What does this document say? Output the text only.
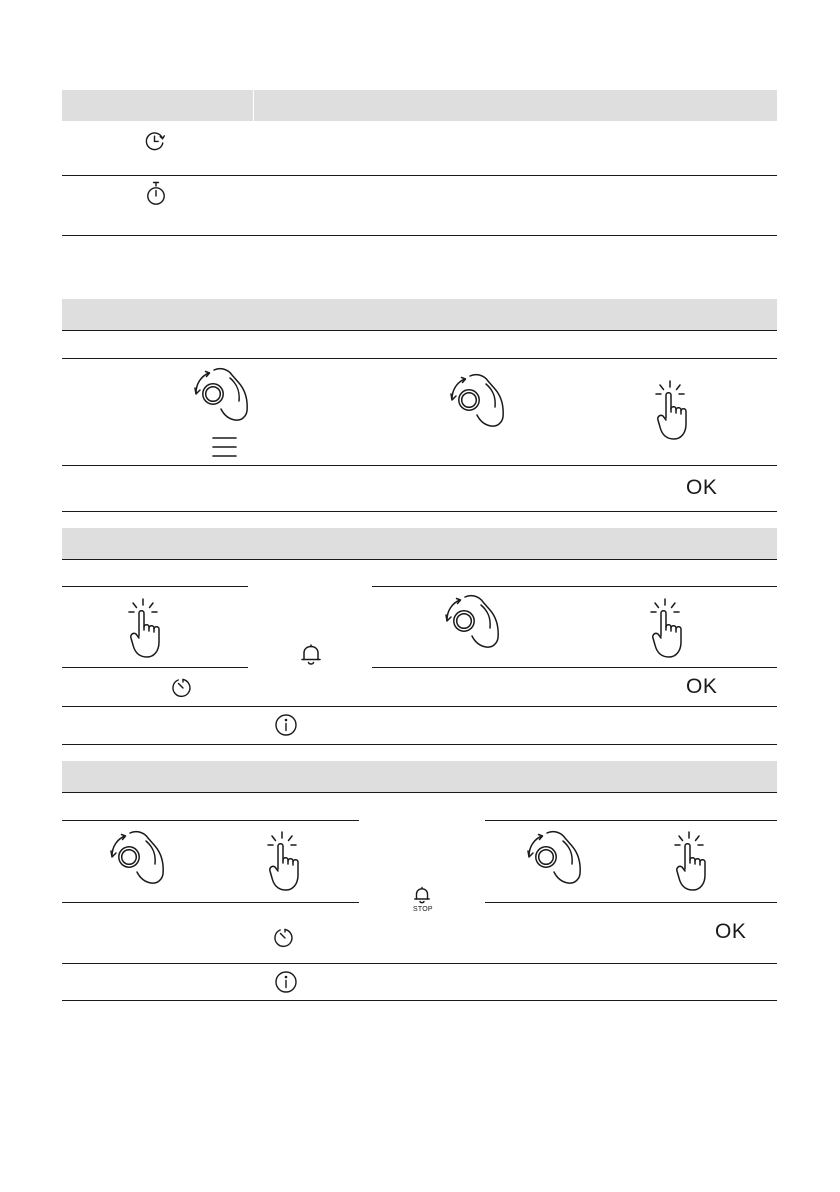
OK
OK
STOP
OK
